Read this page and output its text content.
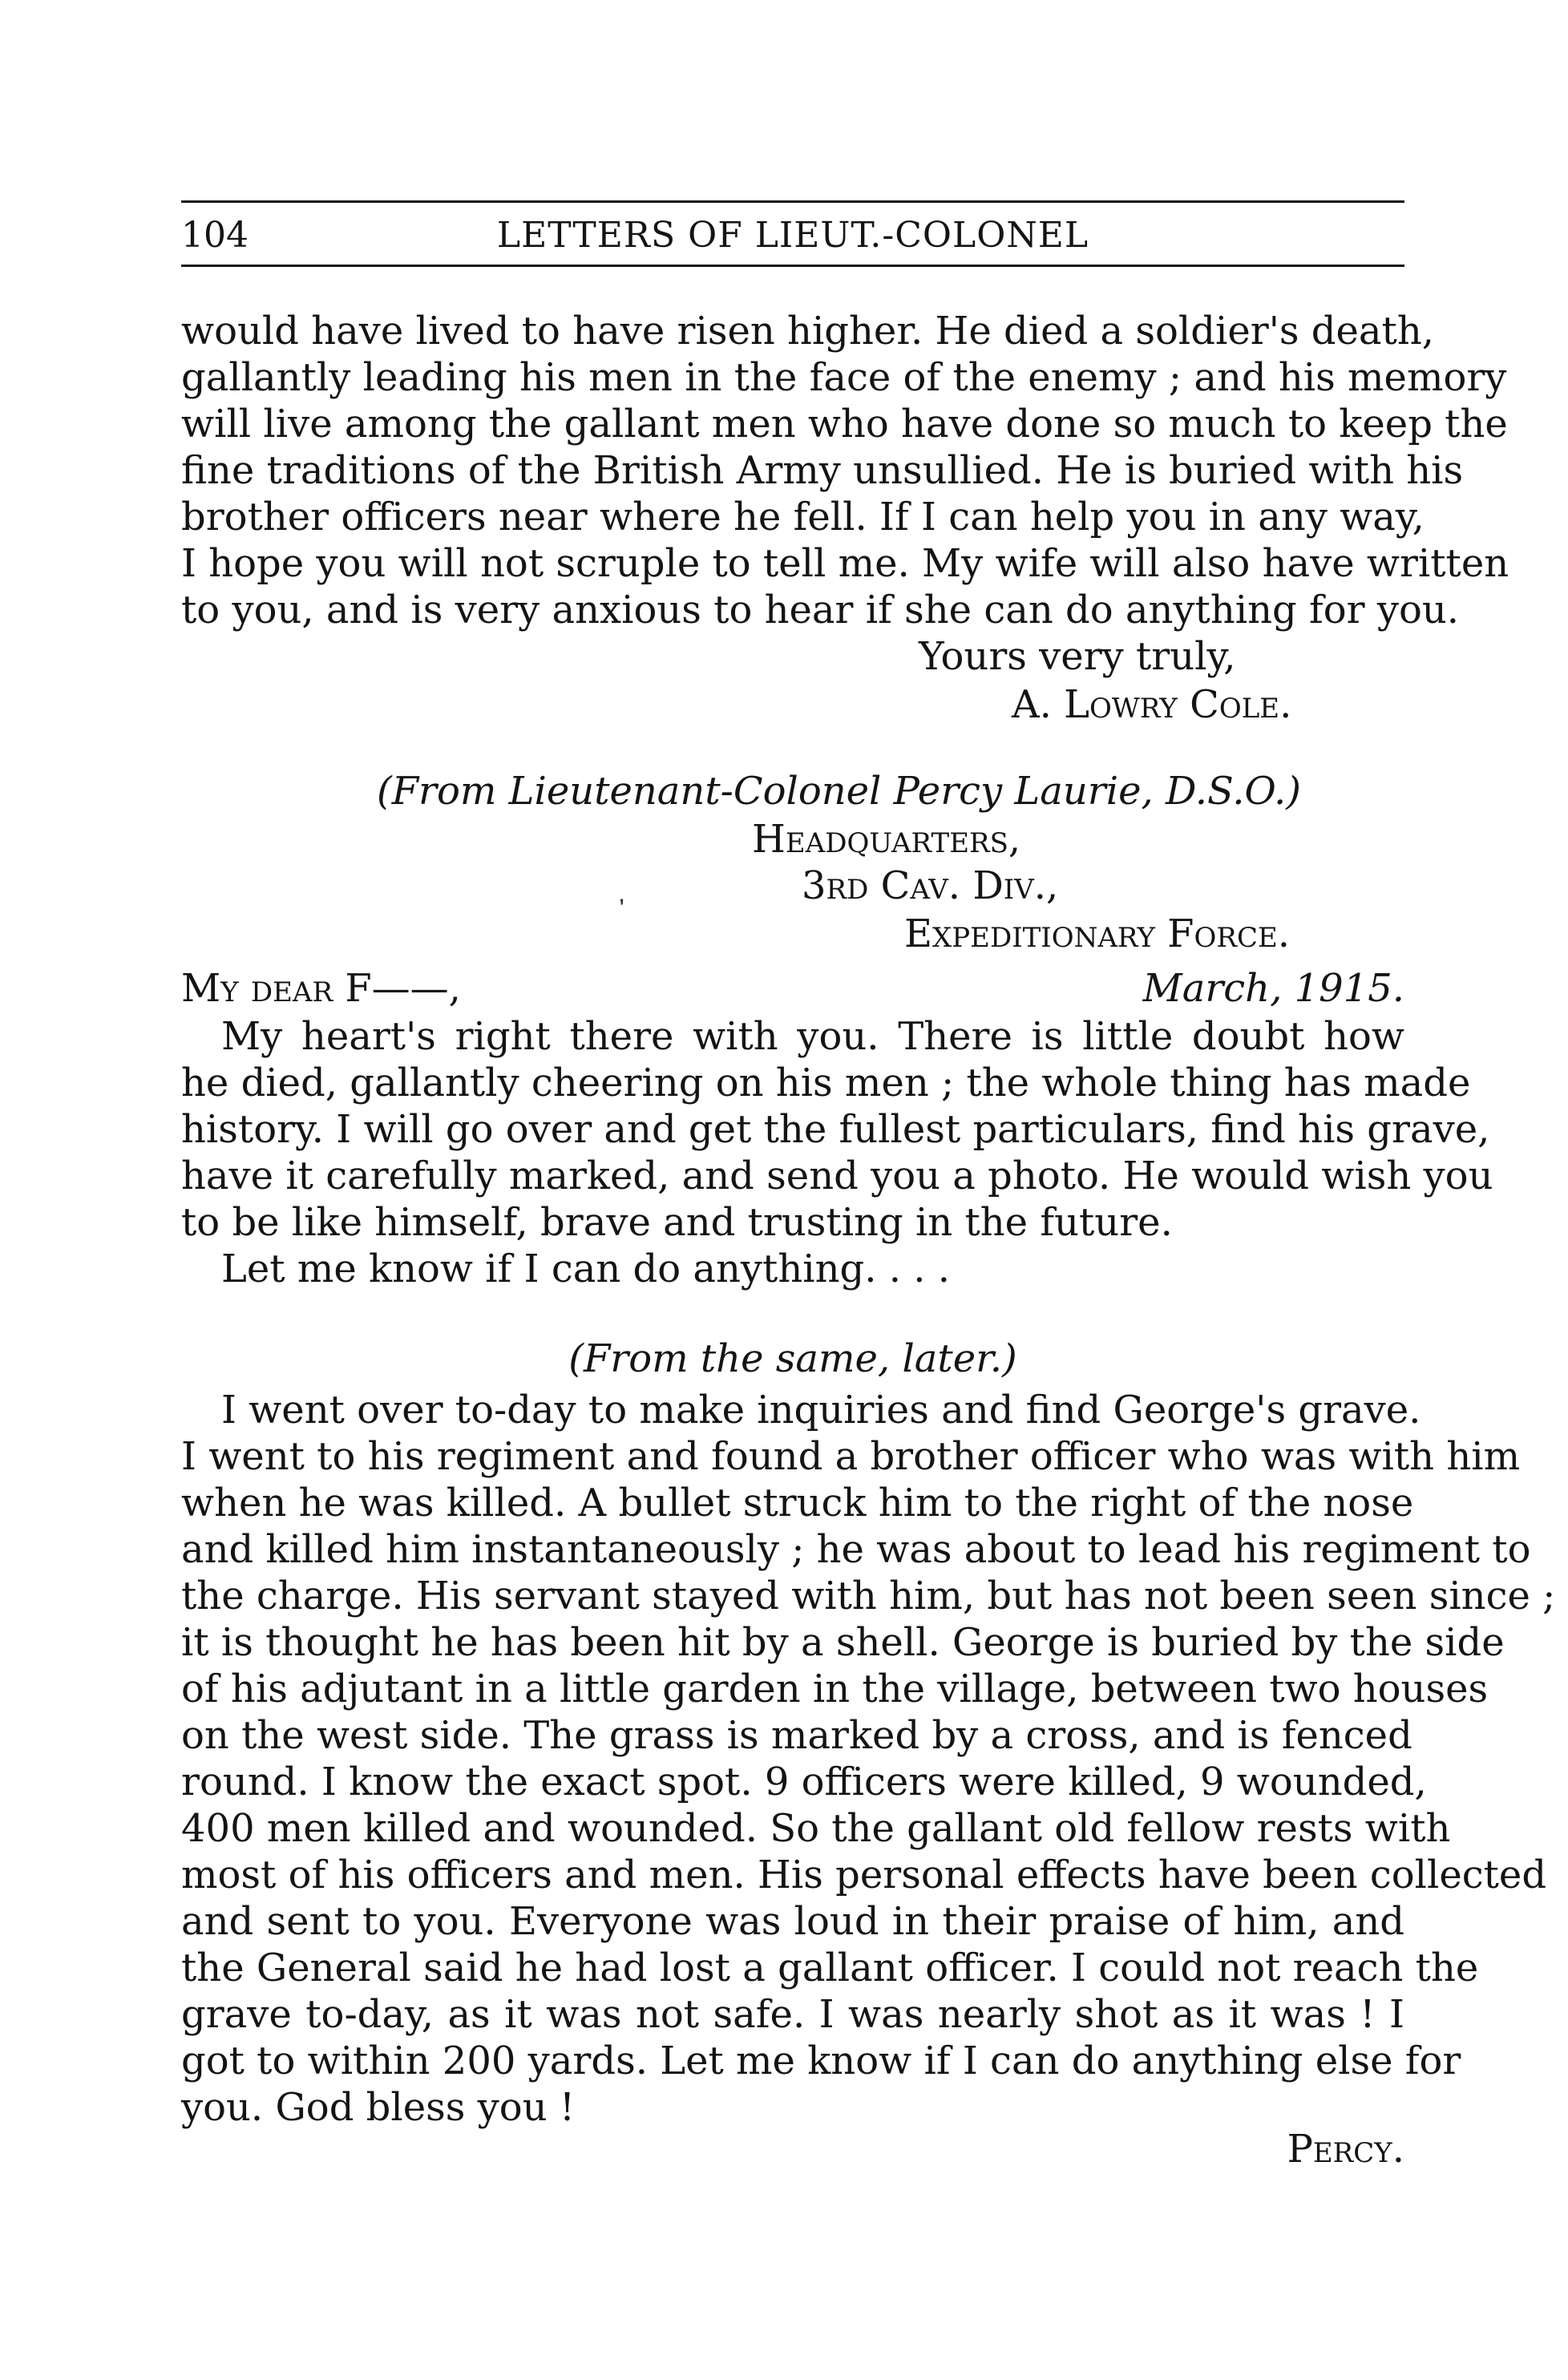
104	LETTERS OF LIEUT.-COLONEL
would have lived to have risen higher. He died a soldier's death,
gallantly leading his men in the face of the enemy ; and his memory
will live among the gallant men who have done so much to keep the
fine traditions of the British Army unsullied. He is buried with his
brother officers near where he fell. If I can help you in any way,
I hope you will not scruple to tell me. My wife will also have written
to you, and is very anxious to hear if she can do anything for you.
Yours very truly,
A. Lowry Cole.
(From Lieutenant-Colonel Percy Laurie, D.S.O.)
Headquarters,
3rd Cav. Div.,
ʼ
Expeditionary Force.
My dear F——,	March, 1915.
My heart's right there with you. There is little doubt how
he died, gallantly cheering on his men ; the whole thing has made
history. I will go over and get the fullest particulars, find his grave,
have it carefully marked, and send you a photo. He would wish you
to be like himself, brave and trusting in the future.
Let me know if I can do anything. . . .
(From the same, later.)
I went over to-day to make inquiries and find George's grave.
I went to his regiment and found a brother officer who was with him
when he was killed. A bullet struck him to the right of the nose
and killed him instantaneously ; he was about to lead his regiment to
the charge. His servant stayed with him, but has not been seen since ;
it is thought he has been hit by a shell. George is buried by the side
of his adjutant in a little garden in the village, between two houses
on the west side. The grass is marked by a cross, and is fenced
round. I know the exact spot. 9 officers were killed, 9 wounded,
400 men killed and wounded. So the gallant old fellow rests with
most of his officers and men. His personal effects have been collected
and sent to you. Everyone was loud in their praise of him, and
the General said he had lost a gallant officer. I could not reach the
grave to-day, as it was not safe. I was nearly shot as it was ! I
got to within 200 yards. Let me know if I can do anything else for
you. God bless you !
Percy.
